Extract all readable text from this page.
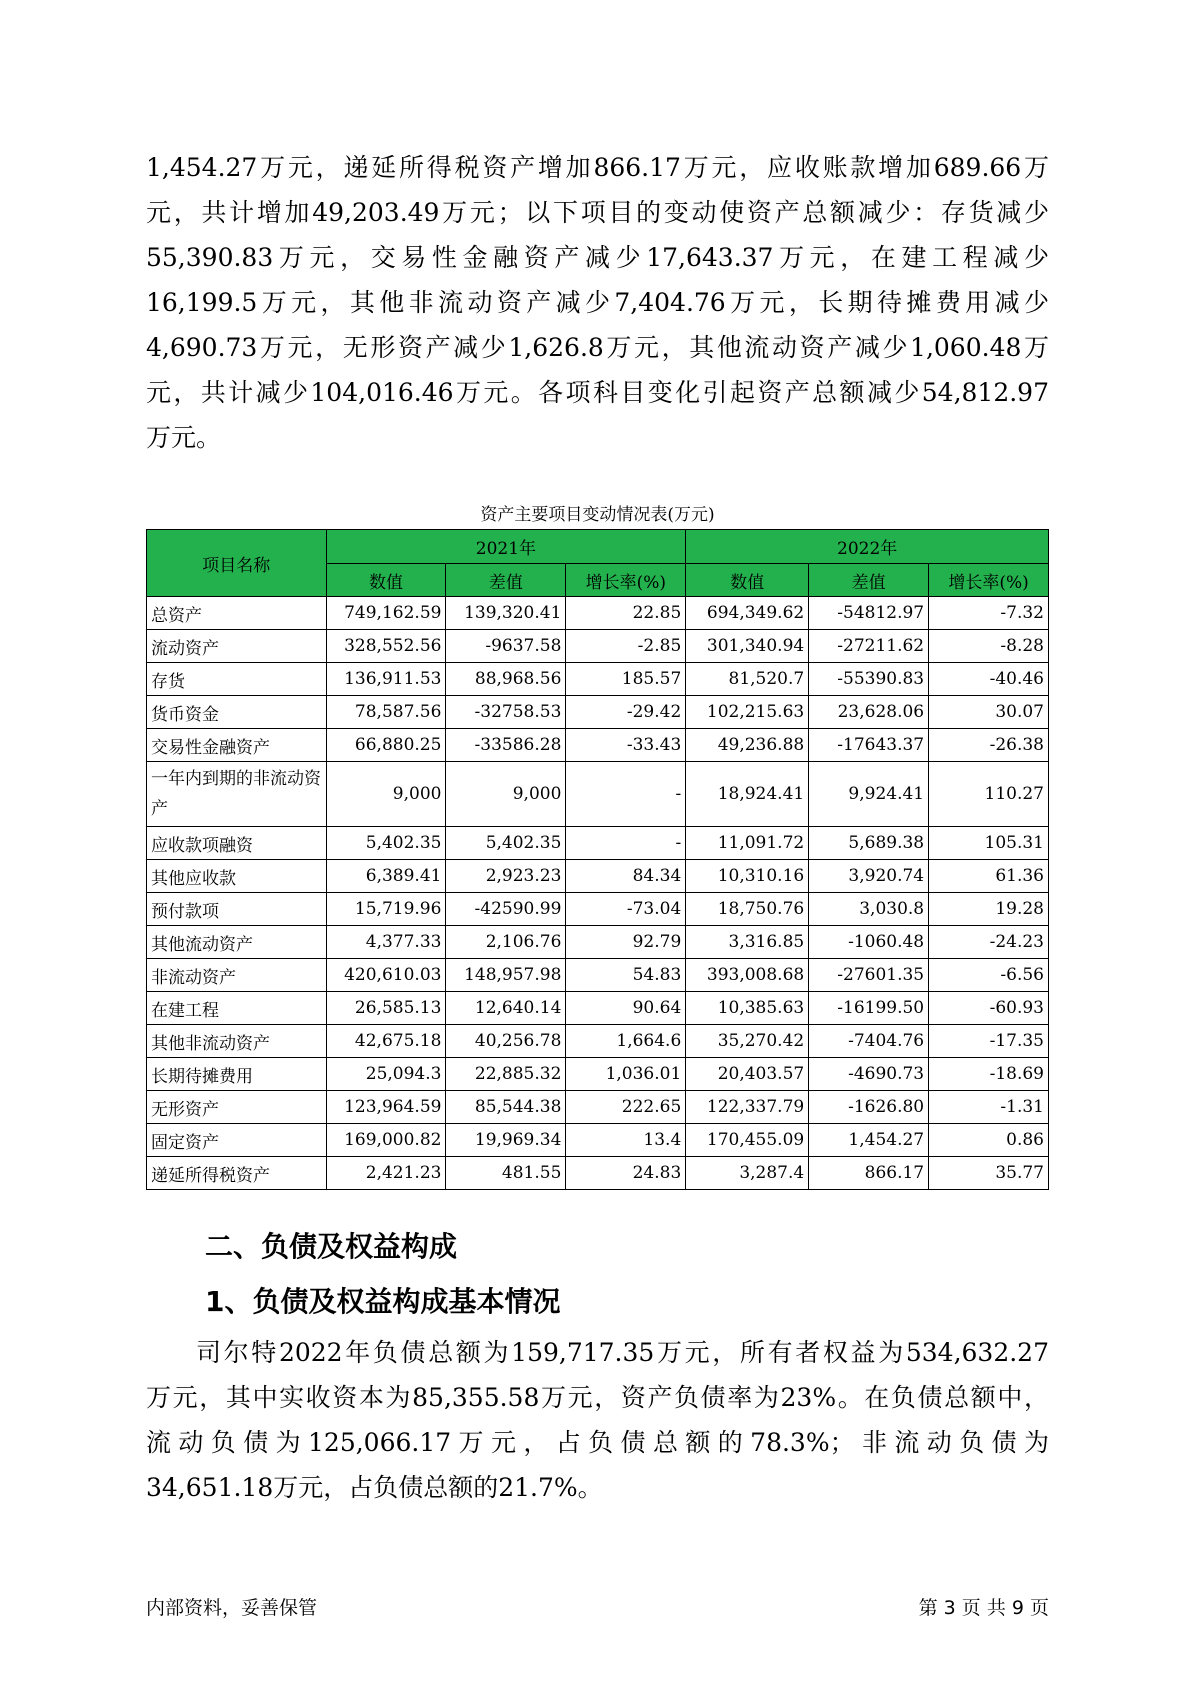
1,454.27万元，递延所得税资产增加866.17万元，应收账款增加689.66万
元，共计增加49,203.49万元；以下项目的变动使资产总额减少：存货减少
55,390.83万元，交易性金融资产减少17,643.37万元，在建工程减少
16,199.5万元，其他非流动资产减少7,404.76万元，长期待摊费用减少
4,690.73万元，无形资产减少1,626.8万元，其他流动资产减少1,060.48万
元，共计减少104,016.46万元。各项科目变化引起资产总额减少54,812.97
万元。
资产主要项目变动情况表(万元)
项目名称	2021年			2022年		
	数值	差值	增长率(%)	数值	差值	增长率(%)
总资产	749,162.59	139,320.41	22.85	694,349.62	-54812.97	-7.32
流动资产	328,552.56	-9637.58	-2.85	301,340.94	-27211.62	-8.28
存货	136,911.53	88,968.56	185.57	81,520.7	-55390.83	-40.46
货币资金	78,587.56	-32758.53	-29.42	102,215.63	23,628.06	30.07
交易性金融资产	66,880.25	-33586.28	-33.43	49,236.88	-17643.37	-26.38
一年内到期的非流动资产	9,000	9,000	-	18,924.41	9,924.41	110.27
应收款项融资	5,402.35	5,402.35	-	11,091.72	5,689.38	105.31
其他应收款	6,389.41	2,923.23	84.34	10,310.16	3,920.74	61.36
预付款项	15,719.96	-42590.99	-73.04	18,750.76	3,030.8	19.28
其他流动资产	4,377.33	2,106.76	92.79	3,316.85	-1060.48	-24.23
非流动资产	420,610.03	148,957.98	54.83	393,008.68	-27601.35	-6.56
在建工程	26,585.13	12,640.14	90.64	10,385.63	-16199.50	-60.93
其他非流动资产	42,675.18	40,256.78	1,664.6	35,270.42	-7404.76	-17.35
长期待摊费用	25,094.3	22,885.32	1,036.01	20,403.57	-4690.73	-18.69
无形资产	123,964.59	85,544.38	222.65	122,337.79	-1626.80	-1.31
固定资产	169,000.82	19,969.34	13.4	170,455.09	1,454.27	0.86
递延所得税资产	2,421.23	481.55	24.83	3,287.4	866.17	35.77
二、负债及权益构成
1、负债及权益构成基本情况
司尔特2022年负债总额为159,717.35万元，所有者权益为534,632.27
万元，其中实收资本为85,355.58万元，资产负债率为23%。在负债总额中，
流动负债为125,066.17万元，占负债总额的78.3%；非流动负债为
34,651.18万元，占负债总额的21.7%。
内部资料，妥善保管	第 3 页 共 9 页
